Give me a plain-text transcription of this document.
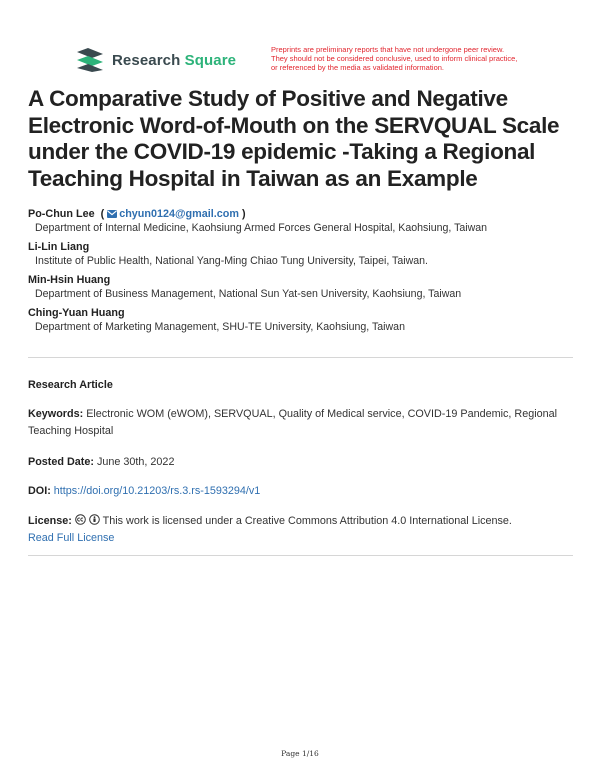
Research Square
Preprints are preliminary reports that have not undergone peer review.
They should not be considered conclusive, used to inform clinical practice,
or referenced by the media as validated information.
A Comparative Study of Positive and Negative Electronic Word-of-Mouth on the SERVQUAL Scale under the COVID-19 epidemic -Taking a Regional Teaching Hospital in Taiwan as an Example
Po-Chun Lee  ( chyun0124@gmail.com )
Department of Internal Medicine, Kaohsiung Armed Forces General Hospital, Kaohsiung, Taiwan
Li-Lin Liang
Institute of Public Health, National Yang-Ming Chiao Tung University, Taipei, Taiwan.
Min-Hsin Huang
Department of Business Management, National Sun Yat-sen University, Kaohsiung, Taiwan
Ching-Yuan Huang
Department of Marketing Management, SHU-TE University, Kaohsiung, Taiwan
Research Article
Keywords: Electronic WOM (eWOM), SERVQUAL, Quality of Medical service, COVID-19 Pandemic, Regional Teaching Hospital
Posted Date: June 30th, 2022
DOI: https://doi.org/10.21203/rs.3.rs-1593294/v1
License:	This work is licensed under a Creative Commons Attribution 4.0 International License.
Read Full License
Page 1/16
